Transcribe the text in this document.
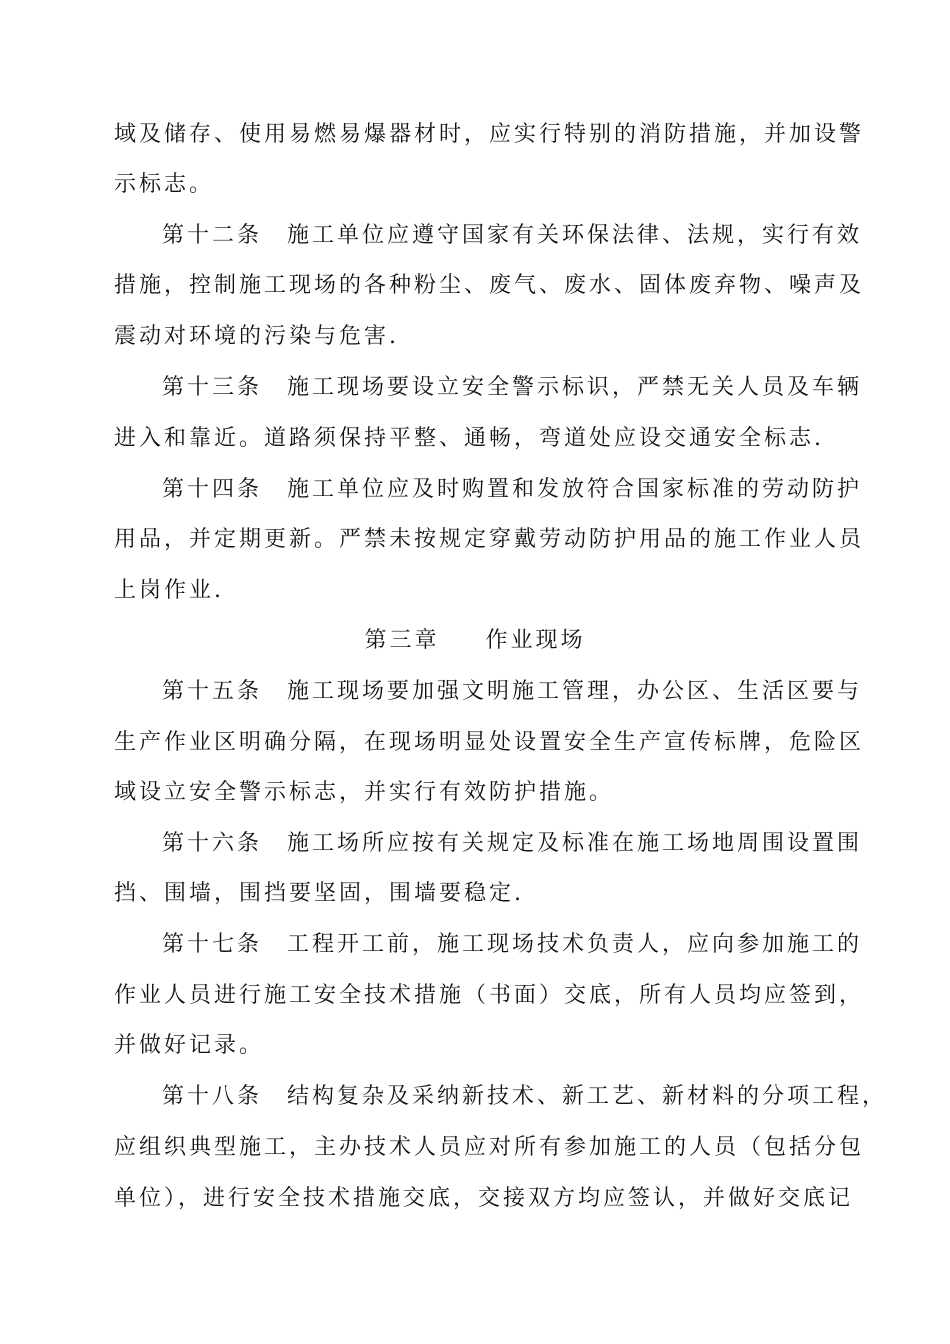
域及储存、使用易燃易爆器材时，应实行特别的消防措施，并加设警
示标志。
第十二条　施工单位应遵守国家有关环保法律、法规，实行有效
措施，控制施工现场的各种粉尘、废气、废水、固体废弃物、噪声及
震动对环境的污染与危害.
第十三条　施工现场要设立安全警示标识，严禁无关人员及车辆
进入和靠近。道路须保持平整、通畅，弯道处应设交通安全标志.
第十四条　施工单位应及时购置和发放符合国家标准的劳动防护
用品，并定期更新。严禁未按规定穿戴劳动防护用品的施工作业人员
上岗作业.
第三章 作业现场
第十五条　施工现场要加强文明施工管理，办公区、生活区要与
生产作业区明确分隔，在现场明显处设置安全生产宣传标牌，危险区
域设立安全警示标志，并实行有效防护措施。
第十六条　施工场所应按有关规定及标准在施工场地周围设置围
挡、围墙，围挡要坚固，围墙要稳定.
第十七条　工程开工前，施工现场技术负责人，应向参加施工的
作业人员进行施工安全技术措施（书面）交底，所有人员均应签到，
并做好记录。
第十八条　结构复杂及采纳新技术、新工艺、新材料的分项工程，
应组织典型施工，主办技术人员应对所有参加施工的人员（包括分包
单位），进行安全技术措施交底，交接双方均应签认，并做好交底记
